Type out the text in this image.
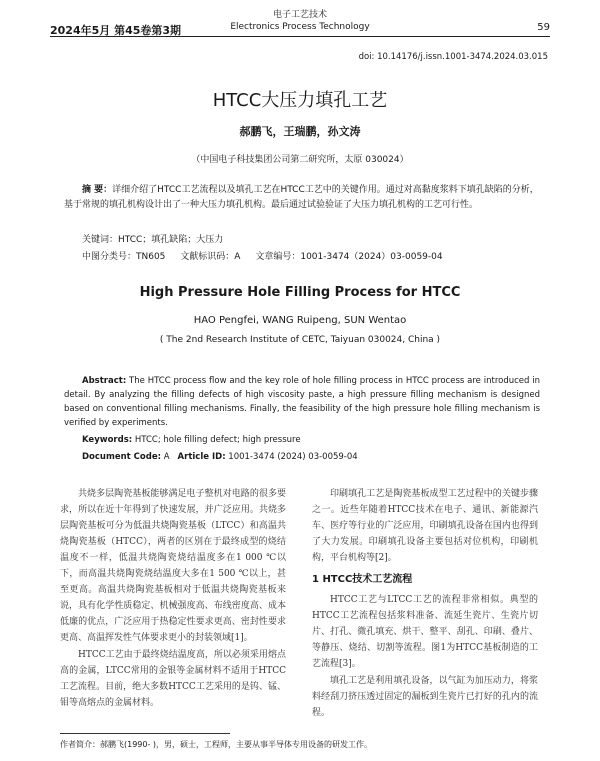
2024年5月 第45卷第3期
电子工艺技术
Electronics Process Technology	59
doi: 10.14176/j.issn.1001-3474.2024.03.015
HTCC大压力填孔工艺
郝鹏飞，王瑞鹏，孙文涛
（中国电子科技集团公司第二研究所，太原 030024）
摘 要：详细介绍了HTCC工艺流程以及填孔工艺在HTCC工艺中的关键作用。通过对高黏度浆料下填孔缺陷的分析，基于常规的填孔机构设计出了一种大压力填孔机构。最后通过试验验证了大压力填孔机构的工艺可行性。
关键词：HTCC；填孔缺陷；大压力
中图分类号：TN605 文献标识码：A 文章编号：1001-3474（2024）03-0059-04
High Pressure Hole Filling Process for HTCC
HAO Pengfei, WANG Ruipeng, SUN Wentao
( The 2nd Research Institute of CETC, Taiyuan 030024, China )
Abstract: The HTCC process flow and the key role of hole filling process in HTCC process are introduced in detail. By analyzing the filling defects of high viscosity paste, a high pressure filling mechanism is designed based on conventional filling mechanisms. Finally, the feasibility of the high pressure hole filling mechanism is verified by experiments.
Keywords: HTCC; hole filling defect; high pressure
Document Code: A Article ID: 1001-3474 (2024) 03-0059-04

共烧多层陶瓷基板能够满足电子整机对电路的很多要求，所以在近十年得到了快速发展，并广泛应用。共烧多层陶瓷基板可分为低温共烧陶瓷基板（LTCC）和高温共烧陶瓷基板（HTCC），两者的区别在于最终成型的烧结温度不一样，低温共烧陶瓷烧结温度多在1 000 ℃以下，而高温共烧陶瓷烧结温度大多在1 500 ℃以上，甚至更高。高温共烧陶瓷基板相对于低温共烧陶瓷基板来说，具有化学性质稳定、机械强度高、布线密度高、成本低廉的优点，广泛应用于热稳定性要求更高、密封性要求更高、高温挥发性气体要求更小的封装领域[1]。

HTCC工艺由于最终烧结温度高，所以必须采用熔点高的金属，LTCC常用的金银等金属材料不适用于HTCC工艺流程。目前，绝大多数HTCC工艺采用的是钨、锰、钼等高熔点的金属材料。

印刷填孔工艺是陶瓷基板成型工艺过程中的关键步骤之一。近些年随着HTCC技术在电子、通讯、新能源汽车、医疗等行业的广泛应用，印刷填孔设备在国内也得到了大力发展。印刷填孔设备主要包括对位机构，印刷机构，平台机构等[2]。

1 HTCC技术工艺流程

HTCC工艺与LTCC工艺的流程非常相似。典型的HTCC工艺流程包括浆料准备、流延生瓷片、生瓷片切片、打孔、微孔填充、烘干、整平、刮孔、印刷、叠片、等静压、烧结、切割等流程。图1为HTCC基板制造的工艺流程[3]。

填孔工艺是利用填孔设备，以气缸为加压动力，将浆料经刮刀挤压透过固定的漏板到生瓷片已打好的孔内的流程。

作者简介：郝鹏飞(1990- )，男，硕士，工程师，主要从事半导体专用设备的研发工作。
